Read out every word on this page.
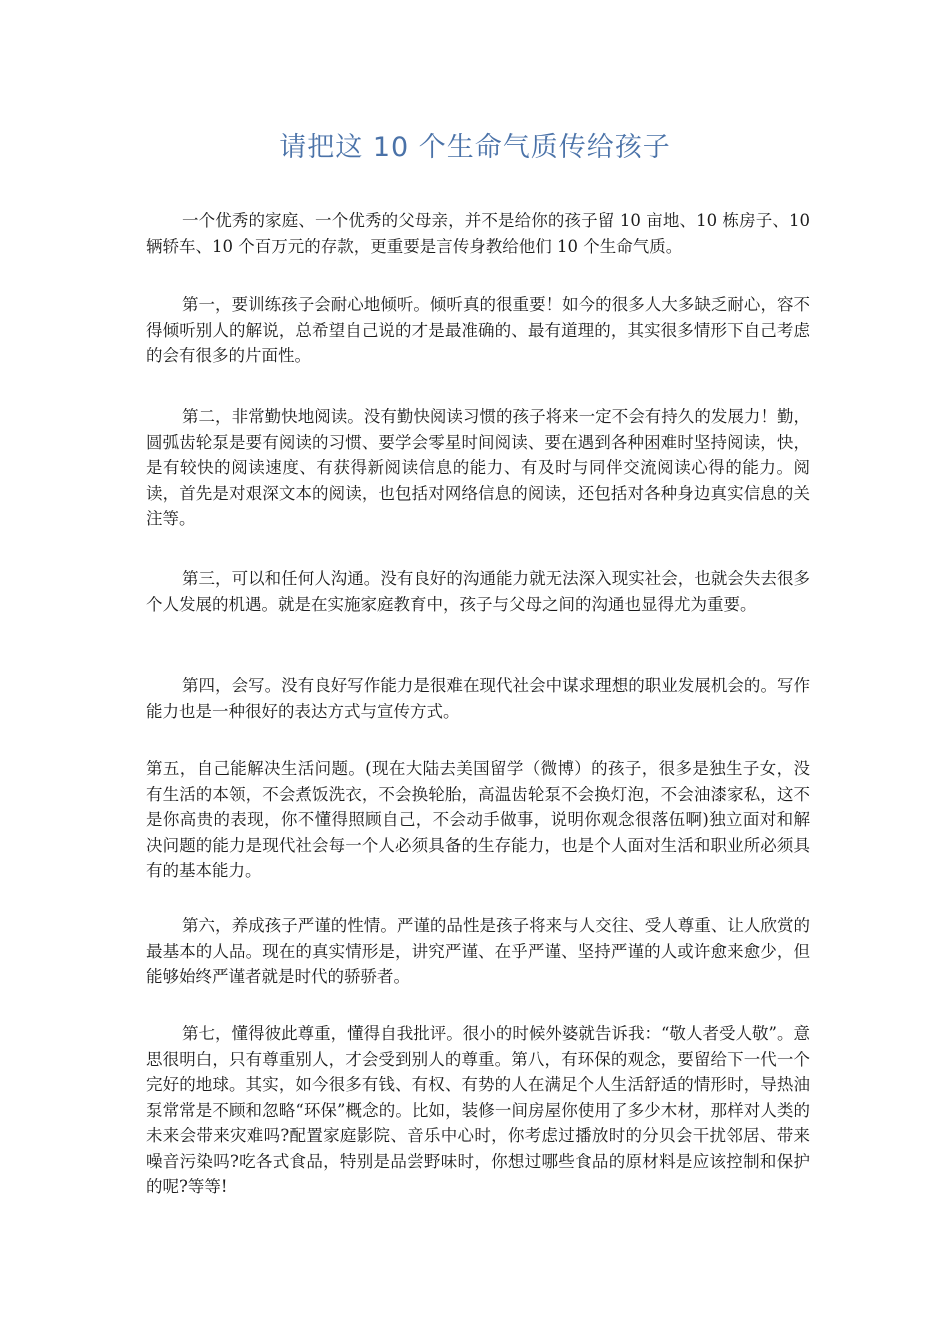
请把这 10 个生命气质传给孩子

一个优秀的家庭、一个优秀的父母亲，并不是给你的孩子留 10 亩地、10 栋房子、10 辆轿车、10 个百万元的存款，更重要是言传身教给他们 10 个生命气质。

第一，要训练孩子会耐心地倾听。倾听真的很重要！如今的很多人大多缺乏耐心，容不得倾听别人的解说，总希望自己说的才是最准确的、最有道理的，其实很多情形下自己考虑的会有很多的片面性。

第二，非常勤快地阅读。没有勤快阅读习惯的孩子将来一定不会有持久的发展力！勤，圆弧齿轮泵是要有阅读的习惯、要学会零星时间阅读、要在遇到各种困难时坚持阅读，快，是有较快的阅读速度、有获得新阅读信息的能力、有及时与同伴交流阅读心得的能力。阅读，首先是对艰深文本的阅读，也包括对网络信息的阅读，还包括对各种身边真实信息的关注等。

第三，可以和任何人沟通。没有良好的沟通能力就无法深入现实社会，也就会失去很多个人发展的机遇。就是在实施家庭教育中，孩子与父母之间的沟通也显得尤为重要。

第四，会写。没有良好写作能力是很难在现代社会中谋求理想的职业发展机会的。写作能力也是一种很好的表达方式与宣传方式。

第五，自己能解决生活问题。(现在大陆去美国留学（微博）的孩子，很多是独生子女，没有生活的本领，不会煮饭洗衣，不会换轮胎，高温齿轮泵不会换灯泡，不会油漆家私，这不是你高贵的表现，你不懂得照顾自己，不会动手做事，说明你观念很落伍啊)独立面对和解决问题的能力是现代社会每一个人必须具备的生存能力，也是个人面对生活和职业所必须具有的基本能力。

第六，养成孩子严谨的性情。严谨的品性是孩子将来与人交往、受人尊重、让人欣赏的最基本的人品。现在的真实情形是，讲究严谨、在乎严谨、坚持严谨的人或许愈来愈少，但能够始终严谨者就是时代的骄骄者。

第七，懂得彼此尊重，懂得自我批评。很小的时候外婆就告诉我：“敬人者受人敬”。意思很明白，只有尊重别人，才会受到别人的尊重。第八，有环保的观念，要留给下一代一个完好的地球。其实，如今很多有钱、有权、有势的人在满足个人生活舒适的情形时，导热油泵常常是不顾和忽略“环保”概念的。比如，装修一间房屋你使用了多少木材，那样对人类的未来会带来灾难吗?配置家庭影院、音乐中心时，你考虑过播放时的分贝会干扰邻居、带来噪音污染吗?吃各式食品，特别是品尝野味时，你想过哪些食品的原材料是应该控制和保护的呢?等等!
